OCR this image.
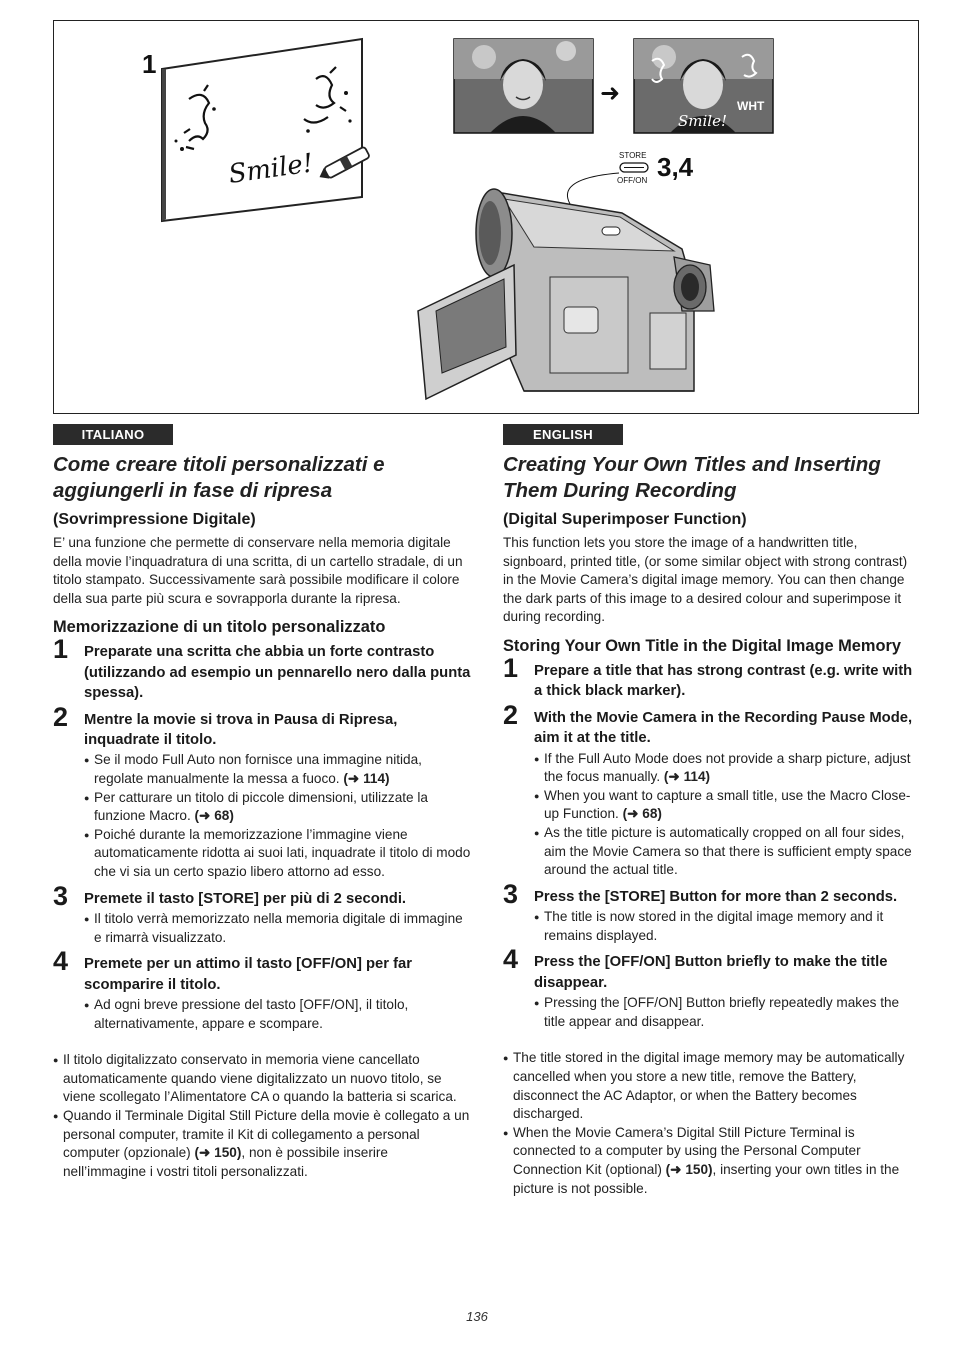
Smile!
1
➜
Smile!
WHT
STORE
OFF/ON 3,4
ITALIANO
Come creare titoli personalizzati e aggiungerli in fase di ripresa
(Sovrimpressione Digitale)

E’ una funzione che permette di conservare nella memoria digitale della movie l’inquadratura di una scritta, di un cartello stradale, di un titolo stampato. Successivamente sarà possibile modificare il colore della sua parte più scura e sovrapporla durante la ripresa.

Memorizzazione di un titolo personalizzato
1 Preparate una scritta che abbia un forte contrasto (utilizzando ad esempio un pennarello nero dalla punta spessa).

2 Mentre la movie si trova in Pausa di Ripresa, inquadrate il titolo.

● Se il modo Full Auto non fornisce una immagine nitida, regolate manualmente la messa a fuoco. (➜ 114)
● Per catturare un titolo di piccole dimensioni, utilizzate la funzione Macro. (➜ 68)
● Poiché durante la memorizzazione l’immagine viene automaticamente ridotta ai suoi lati, inquadrate il titolo di modo che vi sia un certo spazio libero attorno ad esso.
3 Premete il tasto [STORE] per più di 2 secondi.

● Il titolo verrà memorizzato nella memoria digitale di immagine e rimarrà visualizzato.
4 Premete per un attimo il tasto [OFF/ON] per far scomparire il titolo.

● Ad ogni breve pressione del tasto [OFF/ON], il titolo, alternativamente, appare e scompare.
● Il titolo digitalizzato conservato in memoria viene cancellato automaticamente quando viene digitalizzato un nuovo titolo, se viene scollegato l’Alimentatore CA o quando la batteria si scarica.
● Quando il Terminale Digital Still Picture della movie è collegato a un personal computer, tramite il Kit di collegamento a personal computer (opzionale) (➜ 150), non è possibile inserire nell’immagine i vostri titoli personalizzati.
ENGLISH
Creating Your Own Titles and Inserting Them During Recording
(Digital Superimposer Function)

This function lets you store the image of a handwritten title, signboard, printed title, (or some similar object with strong contrast) in the Movie Camera’s digital image memory. You can then change the dark parts of this image to a desired colour and superimpose it during recording.

Storing Your Own Title in the Digital Image Memory
1 Prepare a title that has strong contrast (e.g. write with a thick black marker).

2 With the Movie Camera in the Recording Pause Mode, aim it at the title.

● If the Full Auto Mode does not provide a sharp picture, adjust the focus manually. (➜ 114)
● When you want to capture a small title, use the Macro Close-up Function. (➜ 68)
● As the title picture is automatically cropped on all four sides, aim the Movie Camera so that there is sufficient empty space around the actual title.
3 Press the [STORE] Button for more than 2 seconds.

● The title is now stored in the digital image memory and it remains displayed.
4 Press the [OFF/ON] Button briefly to make the title disappear.

● Pressing the [OFF/ON] Button briefly repeatedly makes the title appear and disappear.
● The title stored in the digital image memory may be automatically cancelled when you store a new title, remove the Battery, disconnect the AC Adaptor, or when the Battery becomes discharged.
● When the Movie Camera’s Digital Still Picture Terminal is connected to a computer by using the Personal Computer Connection Kit (optional) (➜ 150), inserting your own titles in the picture is not possible.
136
